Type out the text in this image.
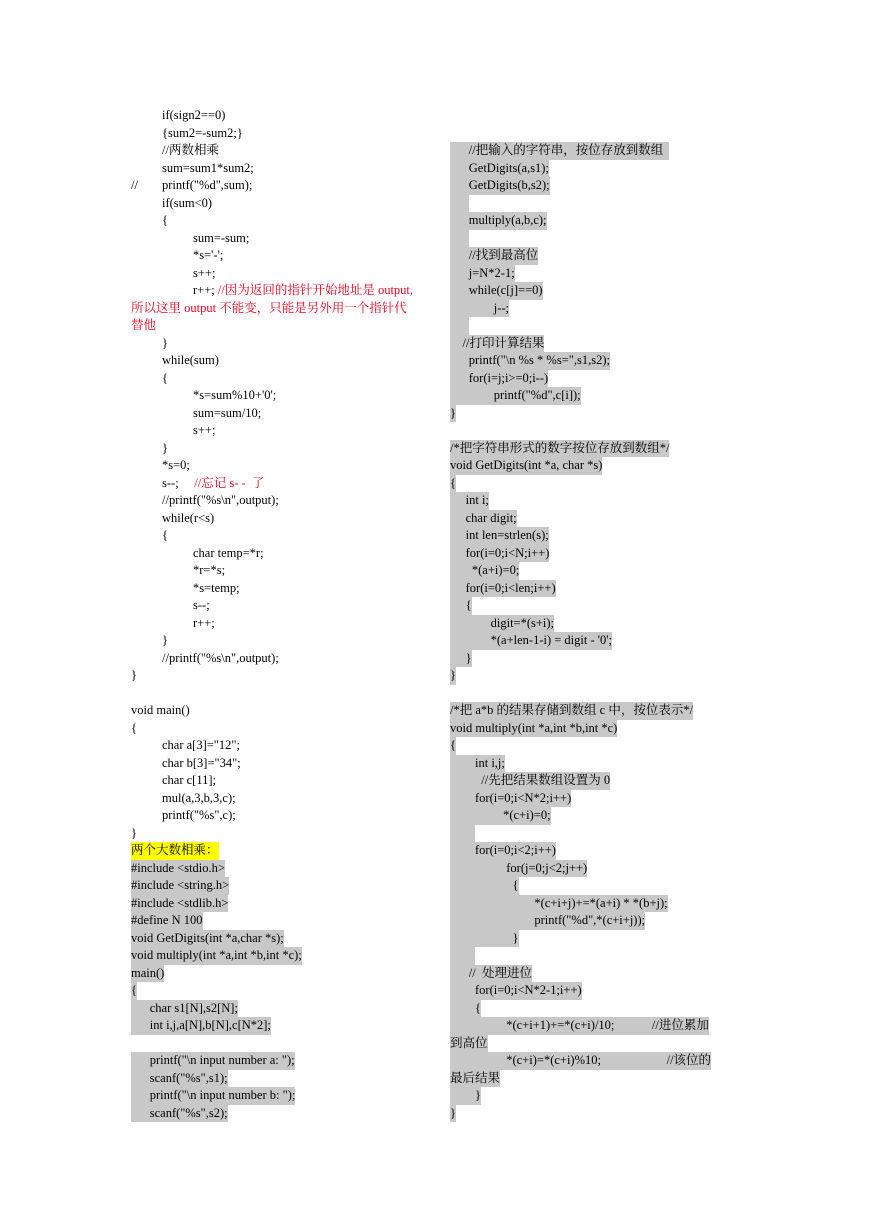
if(sign2==0)
{sum2=-sum2;}
//两数相乘
sum=sum1*sum2;
// printf("%d",sum);
if(sum<0)
{
sum=-sum;
*s='-';
s++;
r++; //因为返回的指针开始地址是 output,
所以这里 output 不能变，只能是另外用一个指针代
替他
}
while(sum)
{
*s=sum%10+'0';
sum=sum/10;
s++;
}
*s=0;
s--;     //忘记 s- -  了
//printf("%s\n",output);
while(r<s)
{
char temp=*r;
*r=*s;
*s=temp;
s--;
r++;
}
//printf("%s\n",output);
}
void main()
{
char a[3]="12";
char b[3]="34";
char c[11];
mul(a,3,b,3,c);
printf("%s",c);
}
两个大数相乘：
#include <stdio.h>
#include <string.h>
#include <stdlib.h>
#define N 100
void GetDigits(int *a,char *s);
void multiply(int *a,int *b,int *c);
main()
{
char s1[N],s2[N];
int i,j,a[N],b[N],c[N*2];
printf("\n input number a: ");
scanf("%s",s1);
printf("\n input number b: ");
scanf("%s",s2);
//把输入的字符串，按位存放到数组
GetDigits(a,s1);
GetDigits(b,s2);

multiply(a,b,c);

//找到最高位
j=N*2-1;
while(c[j]==0)
j--;

//打印计算结果
printf("\n %s * %s=",s1,s2);
for(i=j;i>=0;i--)
printf("%d",c[i]);
}
/*把字符串形式的数字按位存放到数组*/
void GetDigits(int *a, char *s)
{
int i;
char digit;
int len=strlen(s);
for(i=0;i<N;i++)
*(a+i)=0;
for(i=0;i<len;i++)
{
digit=*(s+i);
*(a+len-1-i) = digit - '0';
}
}
/*把 a*b 的结果存储到数组 c 中，按位表示*/
void multiply(int *a,int *b,int *c)
{
int i,j;
//先把结果数组设置为 0
for(i=0;i<N*2;i++)
*(c+i)=0;

for(i=0;i<2;i++)
for(j=0;j<2;j++)
{
*(c+i+j)+=*(a+i) * *(b+j);
printf("%d",*(c+i+j));
}

//  处理进位
for(i=0;i<N*2-1;i++)
{
*(c+i+1)+=*(c+i)/10;            //进位累加
到高位
*(c+i)=*(c+i)%10;                     //该位的
最后结果
}
}
